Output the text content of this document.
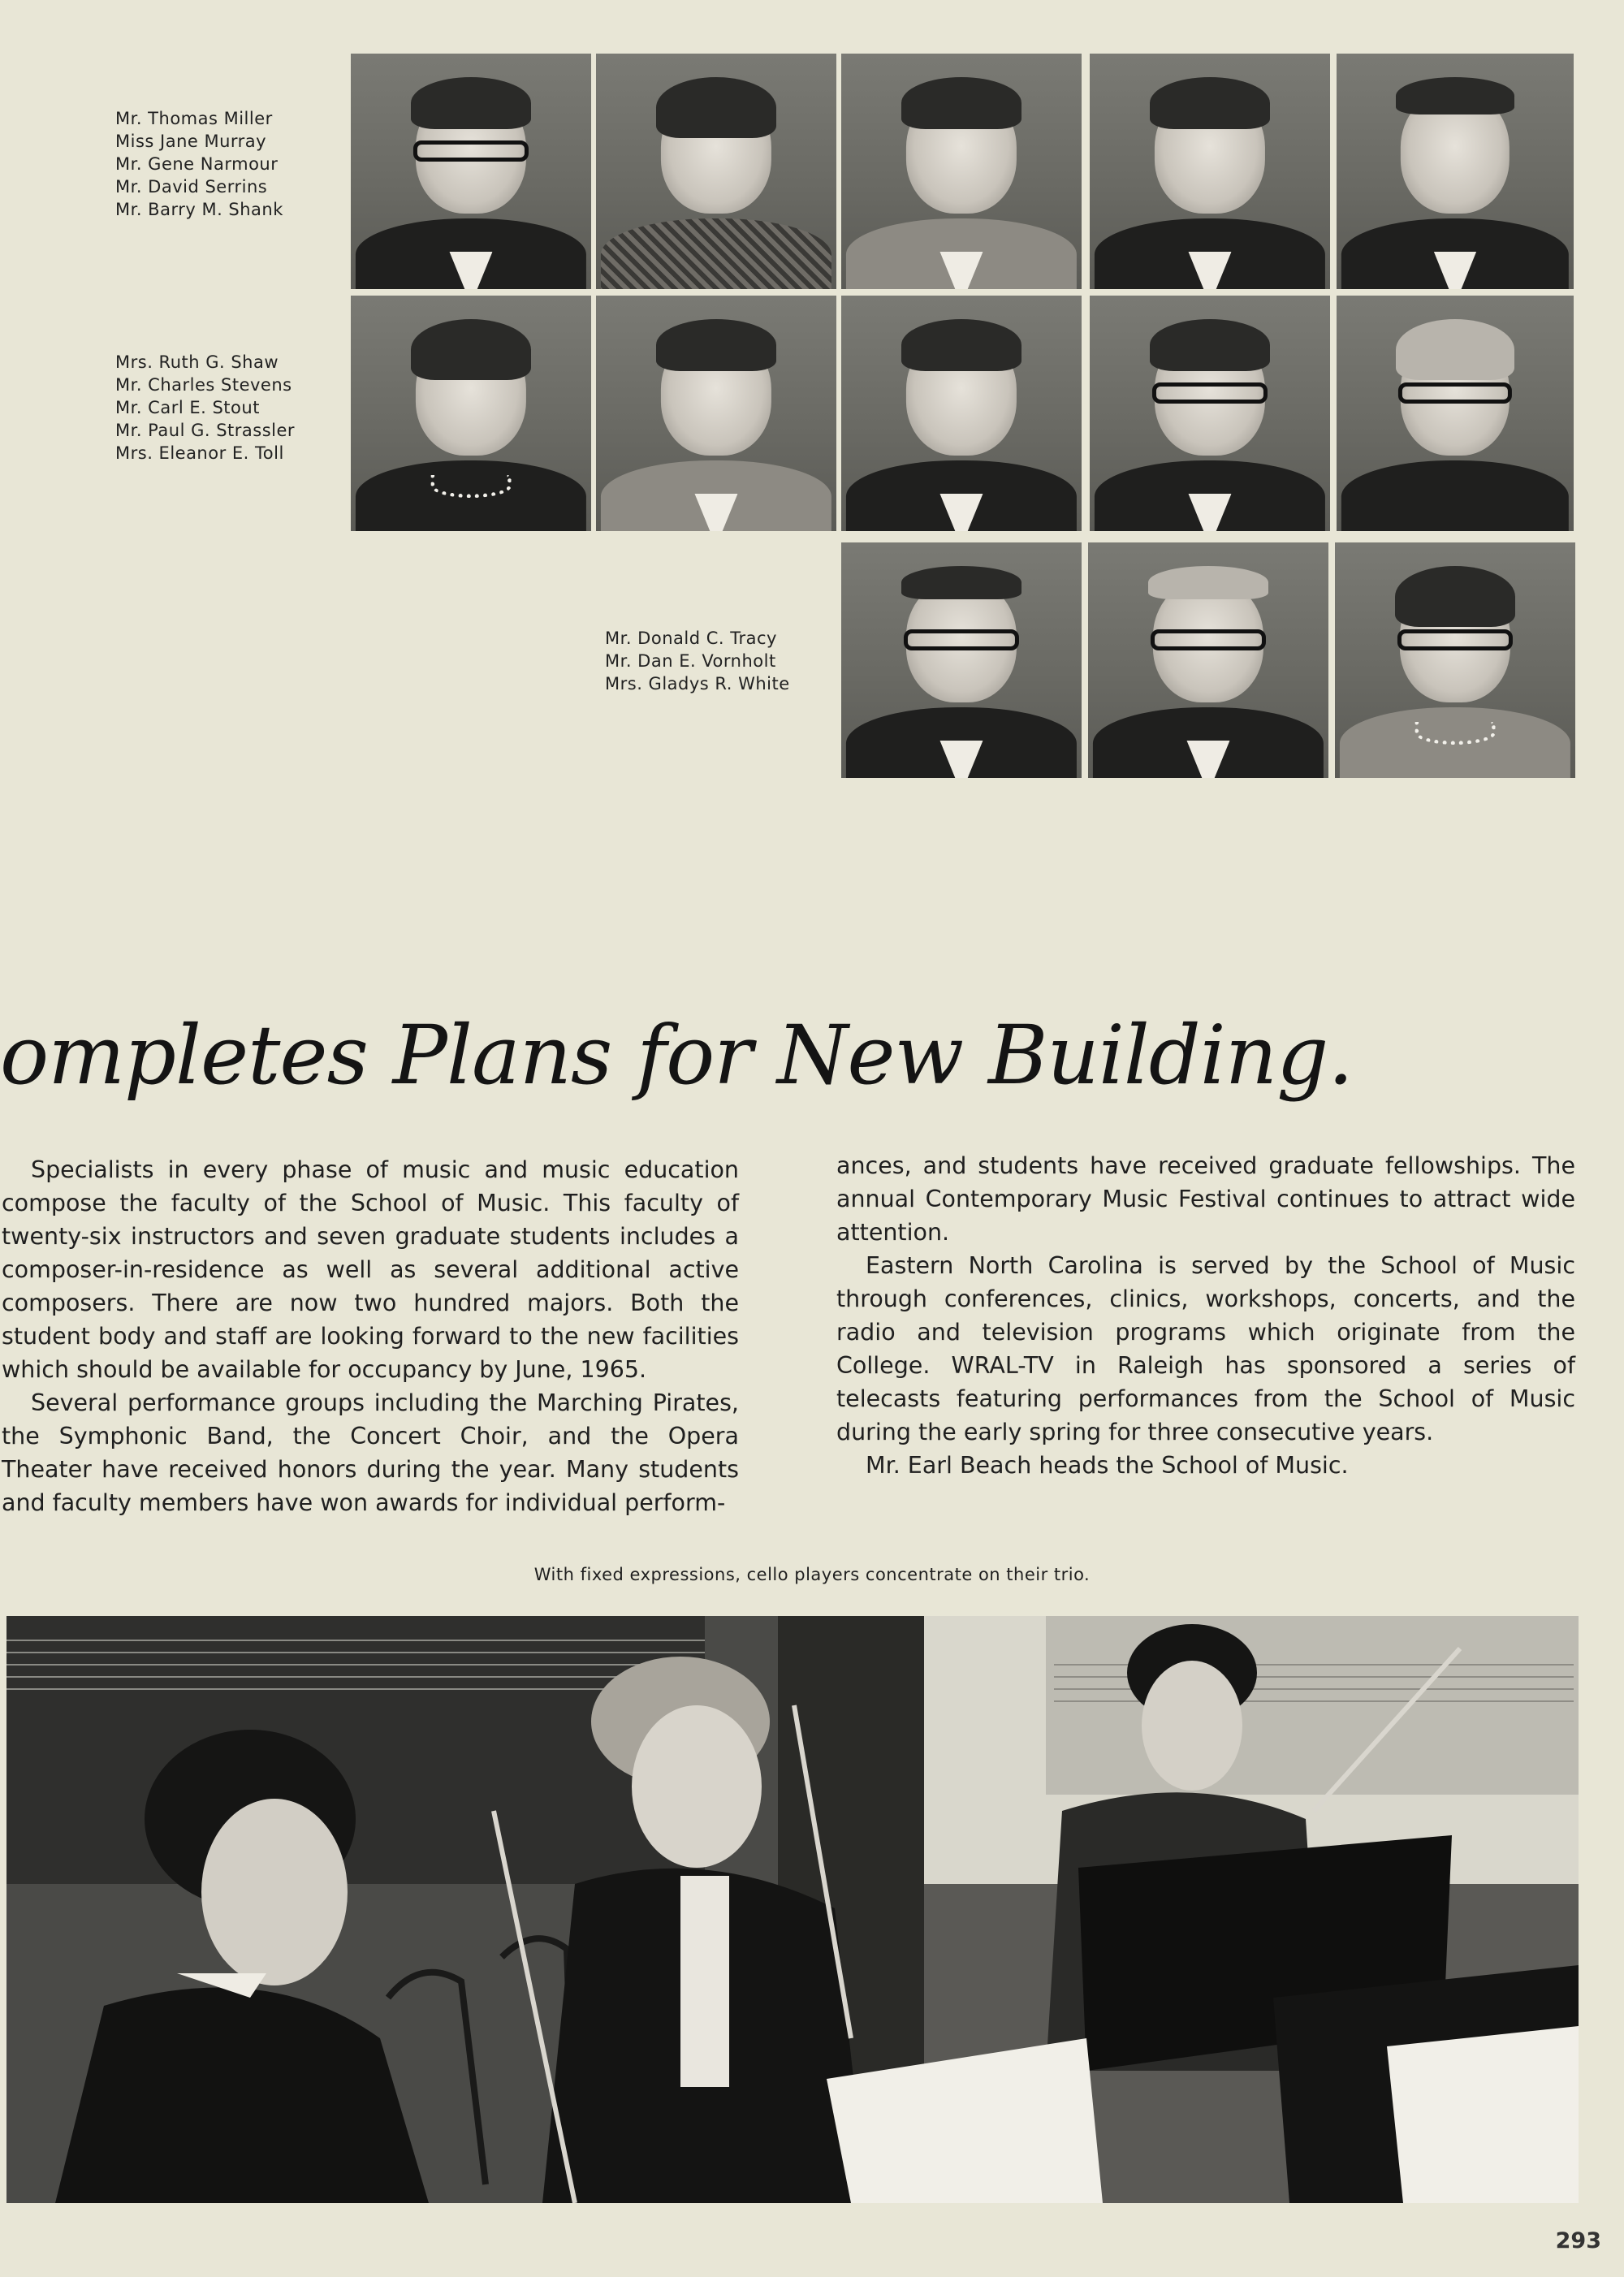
Mr. Thomas Miller
Miss Jane Murray
Mr. Gene Narmour
Mr. David Serrins
Mr. Barry M. Shank
Mrs. Ruth G. Shaw
Mr. Charles Stevens
Mr. Carl E. Stout
Mr. Paul G. Strassler
Mrs. Eleanor E. Toll
Mr. Donald C. Tracy
Mr. Dan E. Vornholt
Mrs. Gladys R. White
ompletes Plans for New Building.

Specialists in every phase of music and music education compose the faculty of the School of Music. This faculty of twenty-six instructors and seven graduate students includes a composer-in-residence as well as several additional active composers. There are now two hundred majors. Both the student body and staff are looking forward to the new facilities which should be available for occupancy by June, 1965.

Several performance groups including the Marching Pirates, the Symphonic Band, the Concert Choir, and the Opera Theater have received honors during the year. Many students and faculty members have won awards for individual perform-

ances, and students have received graduate fellowships. The annual Contemporary Music Festival continues to attract wide attention.

Eastern North Carolina is served by the School of Music through conferences, clinics, workshops, concerts, and the radio and television programs which originate from the College. WRAL-TV in Raleigh has sponsored a series of telecasts featuring performances from the School of Music during the early spring for three consecutive years.

Mr. Earl Beach heads the School of Music.

With fixed expressions, cello players concentrate on their trio.
293
